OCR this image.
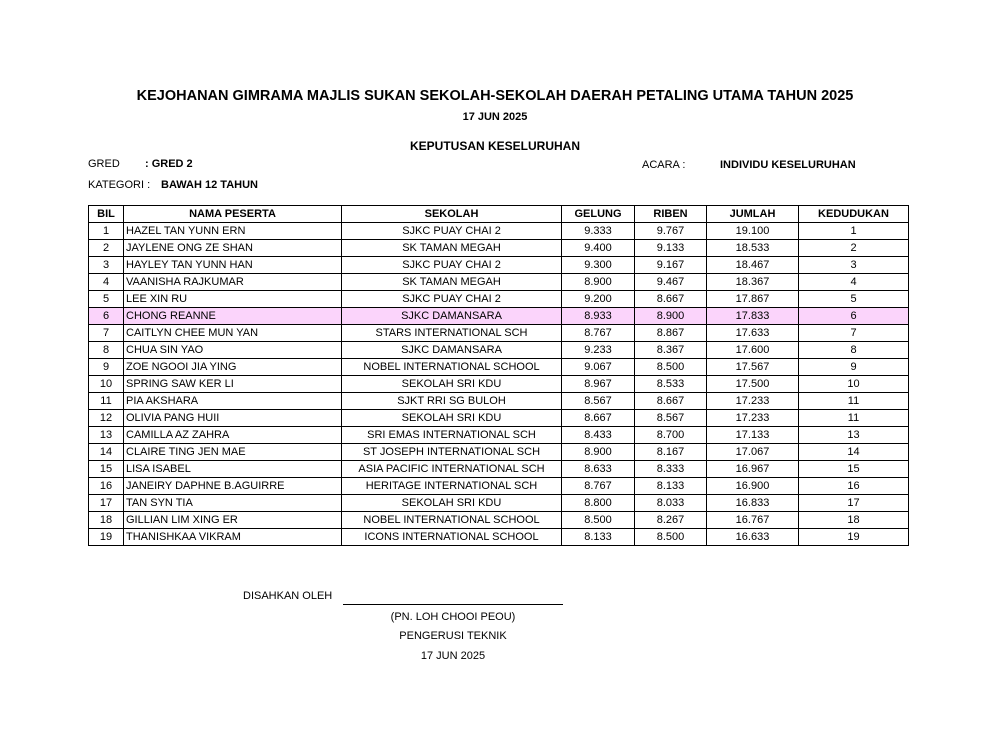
KEJOHANAN GIMRAMA MAJLIS SUKAN SEKOLAH-SEKOLAH DAERAH PETALING UTAMA TAHUN 2025
17 JUN 2025
KEPUTUSAN KESELURUHAN
GRED : GRED 2	ACARA :	INDIVIDU KESELURUHAN
KATEGORI : BAWAH 12 TAHUN
BIL	NAMA PESERTA	SEKOLAH	GELUNG	RIBEN	JUMLAH	KEDUDUKAN
1	HAZEL TAN YUNN ERN	SJKC PUAY CHAI 2	9.333	9.767	19.100	1
2	JAYLENE ONG ZE SHAN	SK TAMAN MEGAH	9.400	9.133	18.533	2
3	HAYLEY TAN YUNN HAN	SJKC PUAY CHAI 2	9.300	9.167	18.467	3
4	VAANISHA RAJKUMAR	SK TAMAN MEGAH	8.900	9.467	18.367	4
5	LEE XIN RU	SJKC PUAY CHAI 2	9.200	8.667	17.867	5
6	CHONG REANNE	SJKC DAMANSARA	8.933	8.900	17.833	6
7	CAITLYN CHEE MUN YAN	STARS INTERNATIONAL SCH	8.767	8.867	17.633	7
8	CHUA SIN YAO	SJKC DAMANSARA	9.233	8.367	17.600	8
9	ZOE NGOOI JIA YING	NOBEL INTERNATIONAL SCHOOL	9.067	8.500	17.567	9
10	SPRING SAW KER LI	SEKOLAH SRI KDU	8.967	8.533	17.500	10
11	PIA AKSHARA	SJKT RRI SG BULOH	8.567	8.667	17.233	11
12	OLIVIA PANG HUII	SEKOLAH SRI KDU	8.667	8.567	17.233	11
13	CAMILLA AZ ZAHRA	SRI EMAS INTERNATIONAL SCH	8.433	8.700	17.133	13
14	CLAIRE TING JEN MAE	ST JOSEPH INTERNATIONAL SCH	8.900	8.167	17.067	14
15	LISA ISABEL	ASIA PACIFIC INTERNATIONAL SCH	8.633	8.333	16.967	15
16	JANEIRY DAPHNE B.AGUIRRE	HERITAGE INTERNATIONAL SCH	8.767	8.133	16.900	16
17	TAN SYN TIA	SEKOLAH SRI KDU	8.800	8.033	16.833	17
18	GILLIAN LIM XING ER	NOBEL INTERNATIONAL SCHOOL	8.500	8.267	16.767	18
19	THANISHKAA VIKRAM	ICONS INTERNATIONAL SCHOOL	8.133	8.500	16.633	19
DISAHKAN OLEH
(PN. LOH CHOOI PEOU)
PENGERUSI TEKNIK
17 JUN 2025
